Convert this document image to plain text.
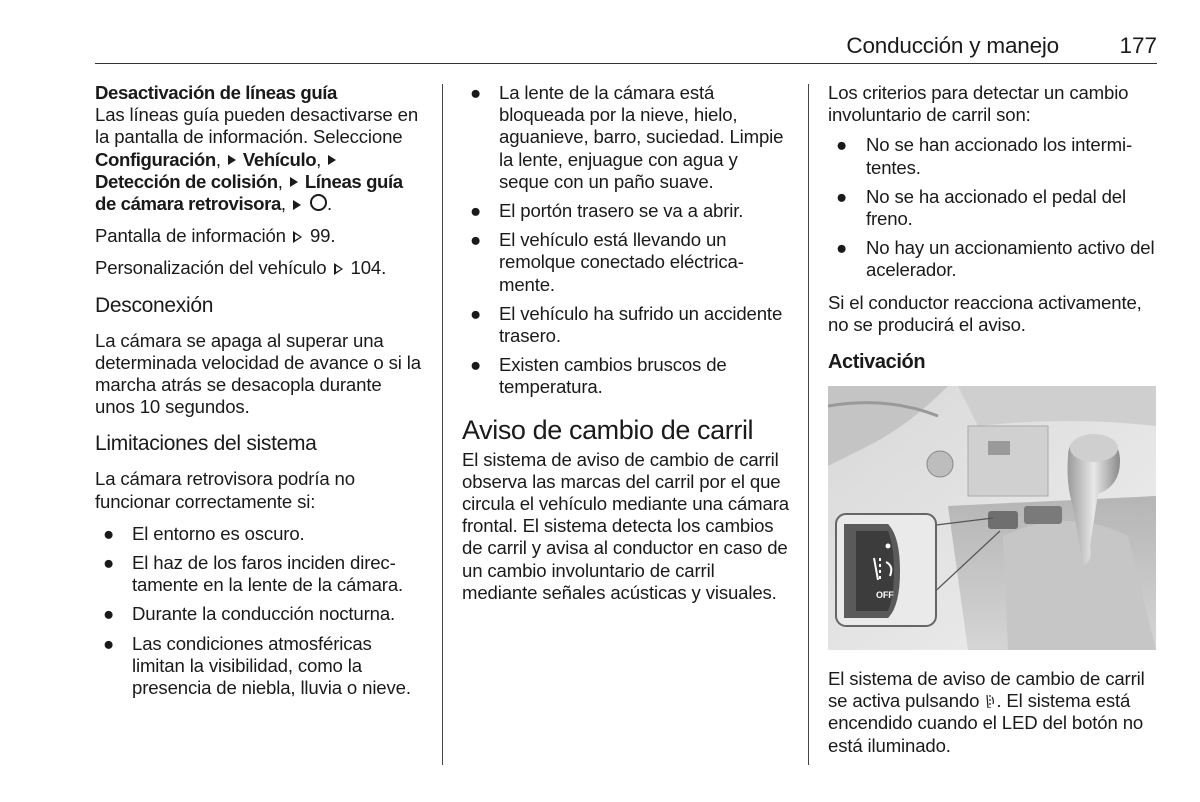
Conducción y manejo	177

Desactivación de líneas guía

Las líneas guía pueden desactivarse en la pantalla de información. Seleccione Configuración,  Vehículo,  Detección de colisión,  Líneas guía de cámara retrovisora,  .

Pantalla de información 99.

Personalización del vehículo 104.

Desconexión

La cámara se apaga al superar una determinada velocidad de avance o si la marcha atrás se desacopla durante unos 10 segundos.

Limitaciones del sistema

La cámara retrovisora podría no funcionar correctamente si:

● El entorno es oscuro.
● El haz de los faros inciden directamente en la lente de la cámara.
● Durante la conducción nocturna.
● Las condiciones atmosféricas limitan la visibilidad, como la presencia de niebla, lluvia o nieve.
● La lente de la cámara está bloqueada por la nieve, hielo, aguanieve, barro, suciedad. Limpie la lente, enjuague con agua y seque con un paño suave.
● El portón trasero se va a abrir.
● El vehículo está llevando un remolque conectado eléctricamente.
● El vehículo ha sufrido un accidente trasero.
● Existen cambios bruscos de temperatura.
Aviso de cambio de carril

El sistema de aviso de cambio de carril observa las marcas del carril por el que circula el vehículo mediante una cámara frontal. El sistema detecta los cambios de carril y avisa al conductor en caso de un cambio involuntario de carril mediante señales acústicas y visuales.

Los criterios para detectar un cambio involuntario de carril son:

● No se han accionado los intermitentes.
● No se ha accionado el pedal del freno.
● No hay un accionamiento activo del acelerador.

Si el conductor reacciona activamente, no se producirá el aviso.

Activación
OFF

El sistema de aviso de cambio de carril se activa pulsando . El sistema está encendido cuando el LED del botón no está iluminado.
